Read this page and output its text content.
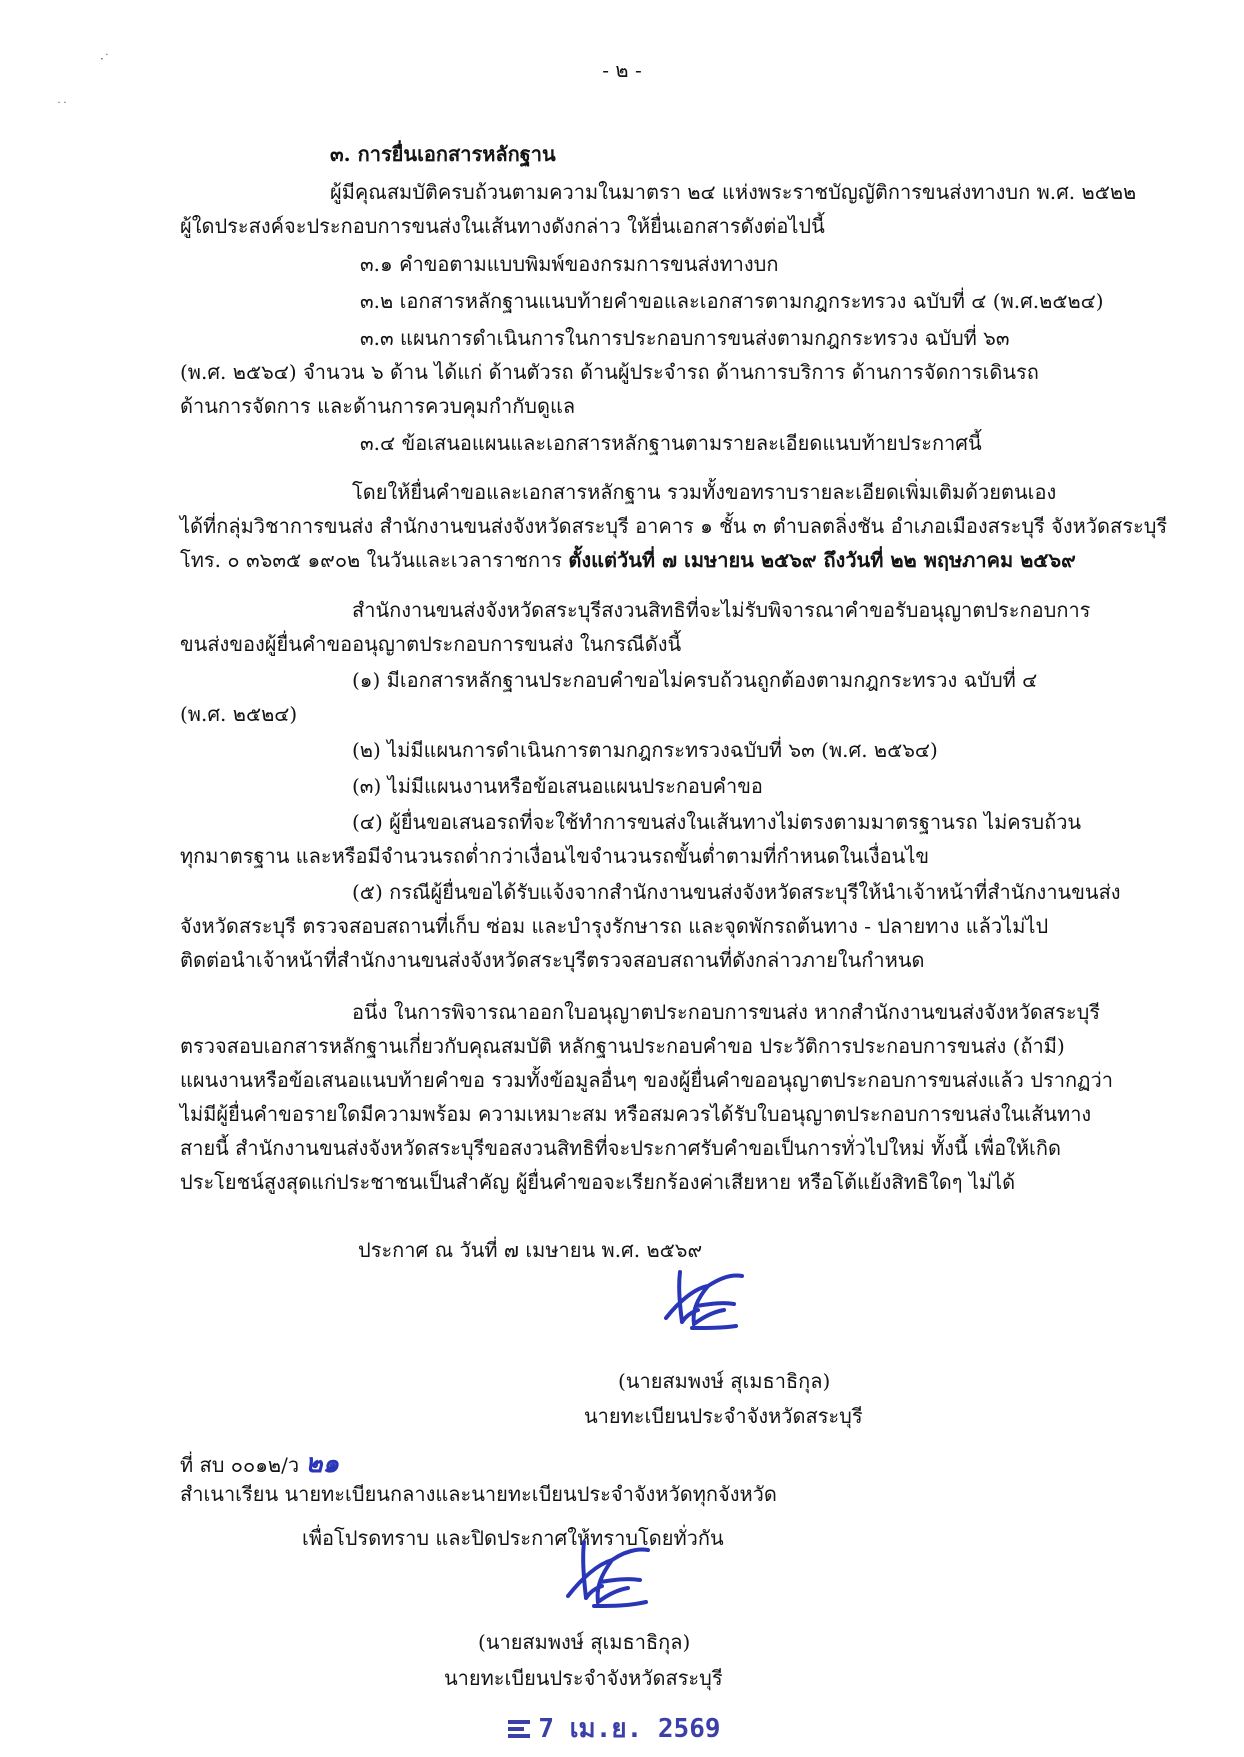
·˙
˙˙
- ๒ -
๓. การยื่นเอกสารหลักฐาน
ผู้มีคุณสมบัติครบถ้วนตามความในมาตรา ๒๔ แห่งพระราชบัญญัติการขนส่งทางบก พ.ศ. ๒๕๒๒
ผู้ใดประสงค์จะประกอบการขนส่งในเส้นทางดังกล่าว ให้ยื่นเอกสารดังต่อไปนี้
๓.๑ คำขอตามแบบพิมพ์ของกรมการขนส่งทางบก
๓.๒ เอกสารหลักฐานแนบท้ายคำขอและเอกสารตามกฎกระทรวง ฉบับที่ ๔ (พ.ศ.๒๕๒๔)
๓.๓ แผนการดำเนินการในการประกอบการขนส่งตามกฎกระทรวง ฉบับที่ ๖๓
(พ.ศ. ๒๕๖๔) จำนวน ๖ ด้าน ได้แก่ ด้านตัวรถ ด้านผู้ประจำรถ ด้านการบริการ ด้านการจัดการเดินรถ
ด้านการจัดการ และด้านการควบคุมกำกับดูแล
๓.๔ ข้อเสนอแผนและเอกสารหลักฐานตามรายละเอียดแนบท้ายประกาศนี้
โดยให้ยื่นคำขอและเอกสารหลักฐาน รวมทั้งขอทราบรายละเอียดเพิ่มเติมด้วยตนเอง
ได้ที่กลุ่มวิชาการขนส่ง สำนักงานขนส่งจังหวัดสระบุรี อาคาร ๑ ชั้น ๓ ตำบลตลิ่งชัน อำเภอเมืองสระบุรี จังหวัดสระบุรี
โทร. ๐ ๓๖๓๕ ๑๙๐๒ ในวันและเวลาราชการ ตั้งแต่วันที่ ๗ เมษายน ๒๕๖๙ ถึงวันที่ ๒๒ พฤษภาคม ๒๕๖๙
สำนักงานขนส่งจังหวัดสระบุรีสงวนสิทธิที่จะไม่รับพิจารณาคำขอรับอนุญาตประกอบการ
ขนส่งของผู้ยื่นคำขออนุญาตประกอบการขนส่ง ในกรณีดังนี้
(๑) มีเอกสารหลักฐานประกอบคำขอไม่ครบถ้วนถูกต้องตามกฎกระทรวง ฉบับที่ ๔
(พ.ศ. ๒๕๒๔)
(๒) ไม่มีแผนการดำเนินการตามกฎกระทรวงฉบับที่ ๖๓ (พ.ศ. ๒๕๖๔)
(๓) ไม่มีแผนงานหรือข้อเสนอแผนประกอบคำขอ
(๔) ผู้ยื่นขอเสนอรถที่จะใช้ทำการขนส่งในเส้นทางไม่ตรงตามมาตรฐานรถ ไม่ครบถ้วน
ทุกมาตรฐาน และหรือมีจำนวนรถต่ำกว่าเงื่อนไขจำนวนรถขั้นต่ำตามที่กำหนดในเงื่อนไข
(๕) กรณีผู้ยื่นขอได้รับแจ้งจากสำนักงานขนส่งจังหวัดสระบุรีให้นำเจ้าหน้าที่สำนักงานขนส่ง
จังหวัดสระบุรี ตรวจสอบสถานที่เก็บ ซ่อม และบำรุงรักษารถ และจุดพักรถต้นทาง - ปลายทาง แล้วไม่ไป
ติดต่อนำเจ้าหน้าที่สำนักงานขนส่งจังหวัดสระบุรีตรวจสอบสถานที่ดังกล่าวภายในกำหนด
อนึ่ง ในการพิจารณาออกใบอนุญาตประกอบการขนส่ง หากสำนักงานขนส่งจังหวัดสระบุรี
ตรวจสอบเอกสารหลักฐานเกี่ยวกับคุณสมบัติ หลักฐานประกอบคำขอ ประวัติการประกอบการขนส่ง (ถ้ามี)
แผนงานหรือข้อเสนอแนบท้ายคำขอ รวมทั้งข้อมูลอื่นๆ ของผู้ยื่นคำขออนุญาตประกอบการขนส่งแล้ว ปรากฏว่า
ไม่มีผู้ยื่นคำขอรายใดมีความพร้อม ความเหมาะสม หรือสมควรได้รับใบอนุญาตประกอบการขนส่งในเส้นทาง
สายนี้ สำนักงานขนส่งจังหวัดสระบุรีขอสงวนสิทธิที่จะประกาศรับคำขอเป็นการทั่วไปใหม่ ทั้งนี้ เพื่อให้เกิด
ประโยชน์สูงสุดแก่ประชาชนเป็นสำคัญ ผู้ยื่นคำขอจะเรียกร้องค่าเสียหาย หรือโต้แย้งสิทธิใดๆ ไม่ได้
ประกาศ ณ วันที่ ๗ เมษายน พ.ศ. ๒๕๖๙
(นายสมพงษ์ สุเมธาธิกุล)
นายทะเบียนประจำจังหวัดสระบุรี
ที่ สบ ๐๐๑๒/ว ๒๑
สำเนาเรียน นายทะเบียนกลางและนายทะเบียนประจำจังหวัดทุกจังหวัด
เพื่อโปรดทราบ และปิดประกาศให้ทราบโดยทั่วกัน
(นายสมพงษ์ สุเมธาธิกุล)
นายทะเบียนประจำจังหวัดสระบุรี
7 เม.ย. 2569
